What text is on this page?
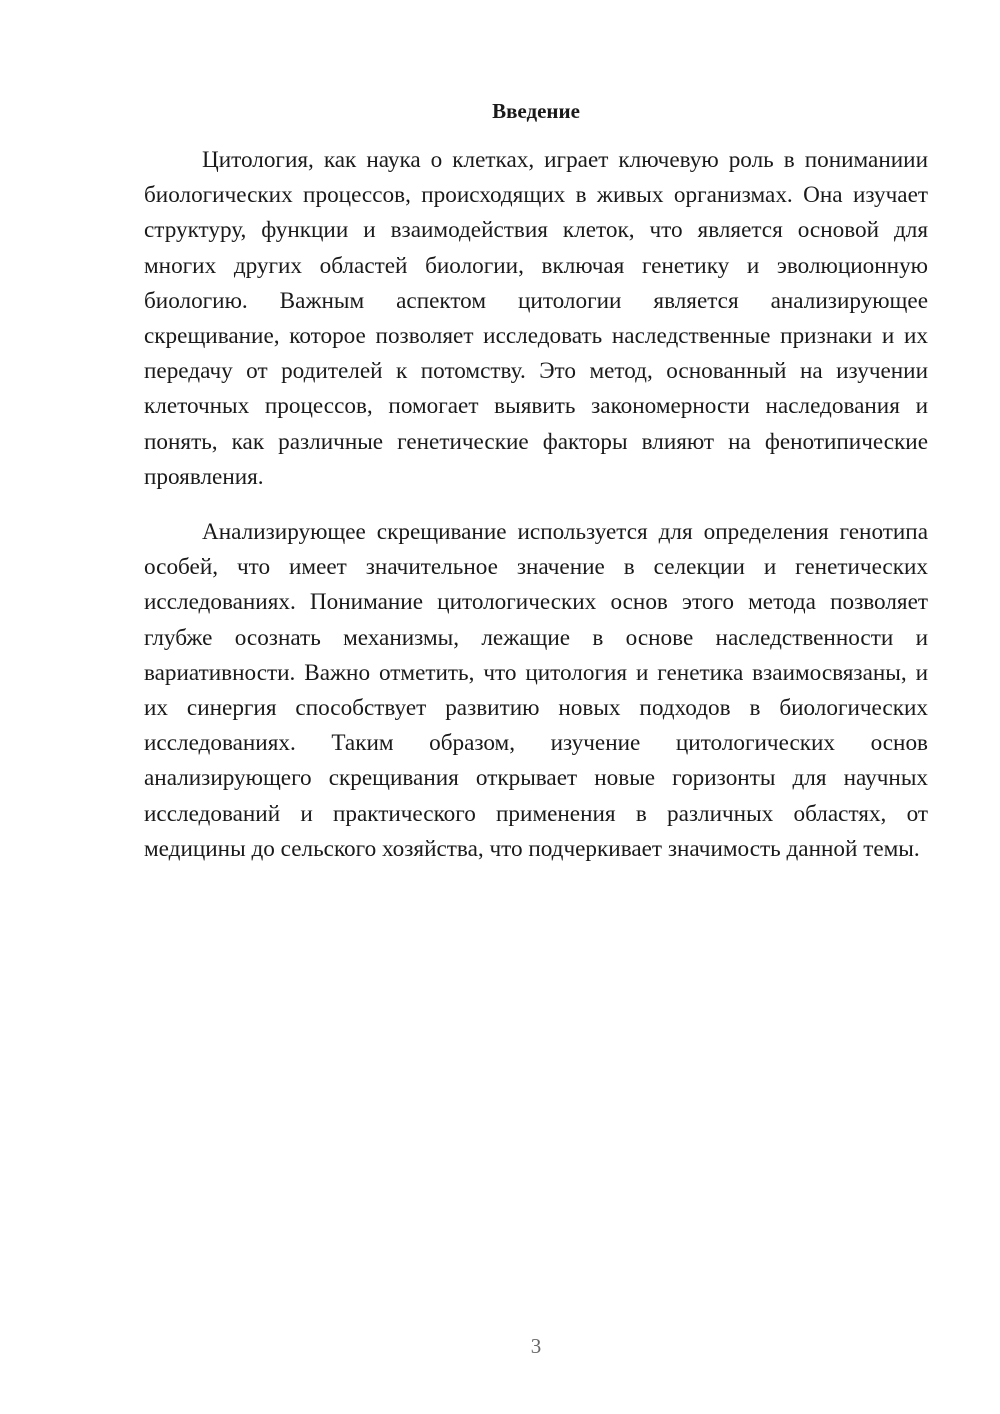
Введение

Цитология, как наука о клетках, играет ключевую роль в пониманиии биологических процессов, происходящих в живых организмах. Она изучает структуру, функции и взаимодействия клеток, что является основой для многих других областей биологии, включая генетику и эволюционную биологию. Важным аспектом цитологии является анализирующее скрещивание, которое позволяет исследовать наследственные признаки и их передачу от родителей к потомству. Это метод, основанный на изучении клеточных процессов, помогает выявить закономерности наследования и понять, как различные генетические факторы влияют на фенотипические проявления.

Анализирующее скрещивание используется для определения генотипа особей, что имеет значительное значение в селекции и генетических исследованиях. Понимание цитологических основ этого метода позволяет глубже осознать механизмы, лежащие в основе наследственности и вариативности. Важно отметить, что цитология и генетика взаимосвязаны, и их синергия способствует развитию новых подходов в биологических исследованиях. Таким образом, изучение цитологических основ анализирующего скрещивания открывает новые горизонты для научных исследований и практического применения в различных областях, от медицины до сельского хозяйства, что подчеркивает значимость данной темы.

3
